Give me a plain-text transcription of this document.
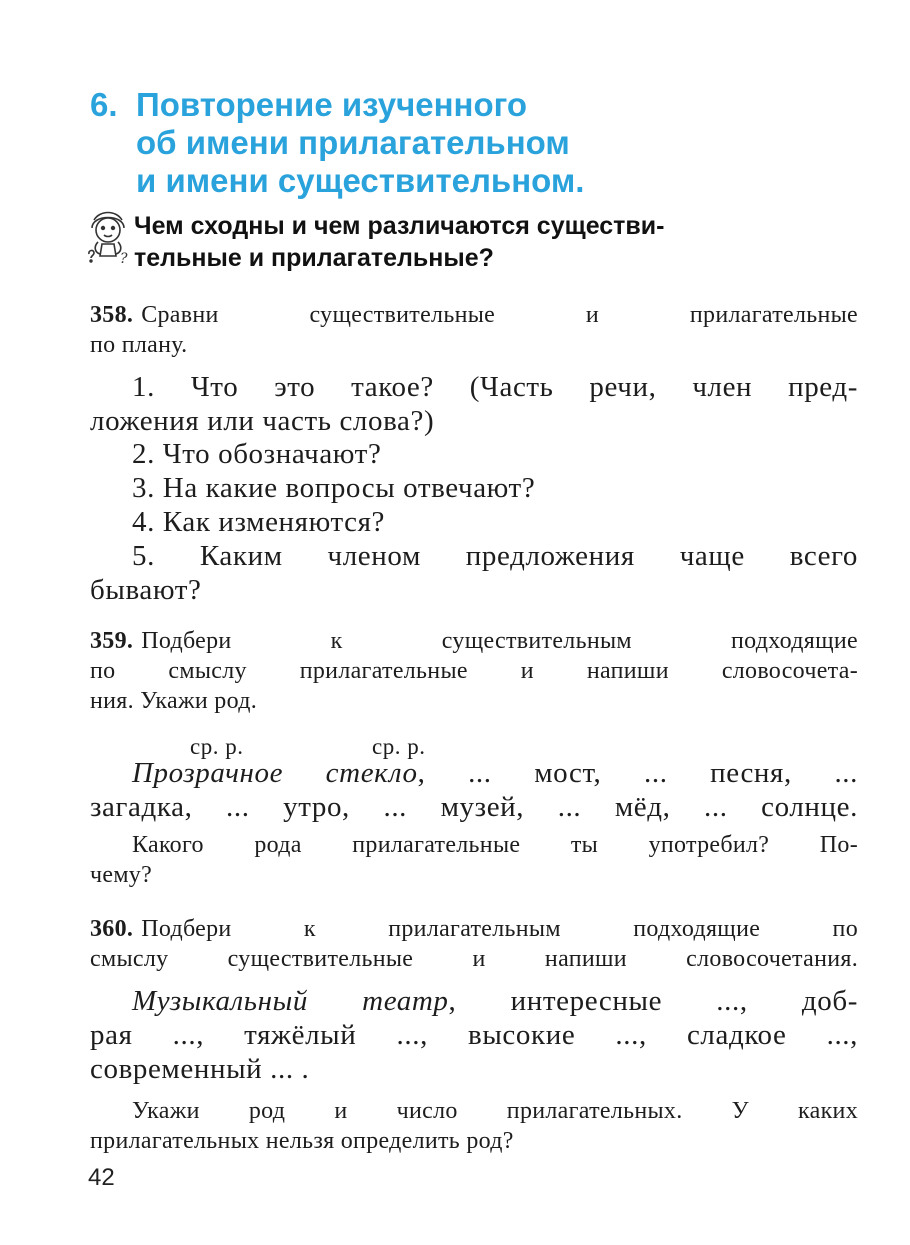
6. Повторение изученного
об имени прилагательном
и имени существительном.
?
Чем сходны и чем различаются существи-
тельные и прилагательные?
358. Сравни существительные и прилагательные
по плану.
1. Что это такое? (Часть речи, член пред-
ложения или часть слова?)
2. Что обозначают?
3. На какие вопросы отвечают?
4. Как изменяются?
5. Каким членом предложения чаще всего
бывают?
359. Подбери к существительным подходящие
по смыслу прилагательные и напиши словосочета-
ния. Укажи род.
ср. р.	ср. р.
Прозрачное стекло, ... мост, ... песня, ...
загадка, ... утро, ... музей, ... мёд, ... солнце.
Какого рода прилагательные ты употребил? По-
чему?
360. Подбери к прилагательным подходящие по
смыслу существительные и напиши словосочетания.
Музыкальный театр, интересные ..., доб-
рая ..., тяжёлый ..., высокие ..., сладкое ...,
современный ... .
Укажи род и число прилагательных. У каких
прилагательных нельзя определить род?
42
